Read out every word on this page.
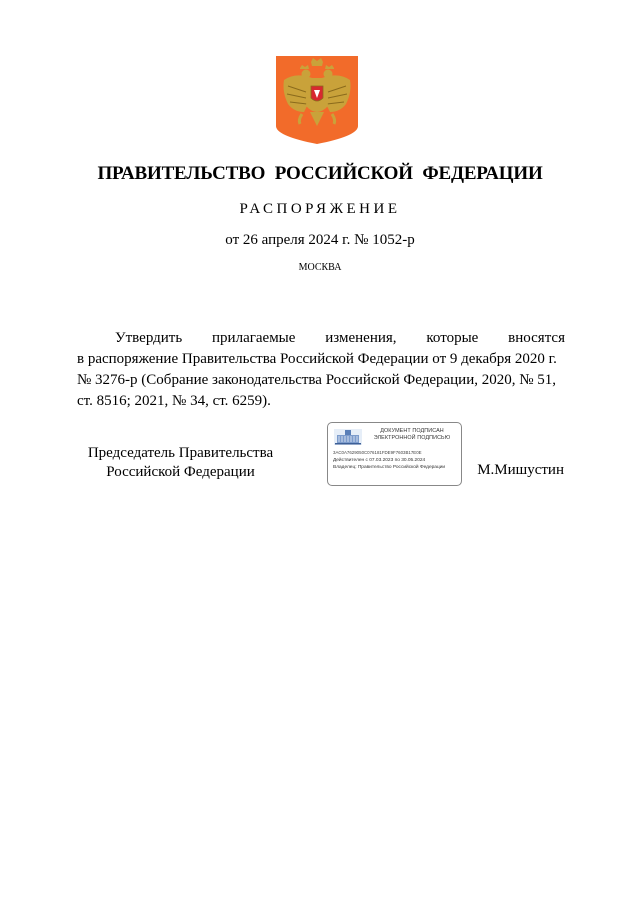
ПРАВИТЕЛЬСТВО РОССИЙСКОЙ ФЕДЕРАЦИИ
РАСПОРЯЖЕНИЕ
от 26 апреля 2024 г. № 1052-р
МОСКВА
Утвердить прилагаемые изменения, которые вносятся
в распоряжение Правительства Российской Федерации от 9 декабря 2020 г.
№ 3276-р (Собрание законодательства Российской Федерации, 2020, № 51,
ст. 8516; 2021, № 34, ст. 6259).
Председатель Правительства
Российской Федерации
ДОКУМЕНТ ПОДПИСАН
ЭЛЕКТРОННОЙ ПОДПИСЬЮ
3AC0A7629050C076181FDE9F7603B17E0E
Действителен с 07.03.2023 по 30.05.2024
Владелец: Правительство Российской Федерации	М.Мишустин
